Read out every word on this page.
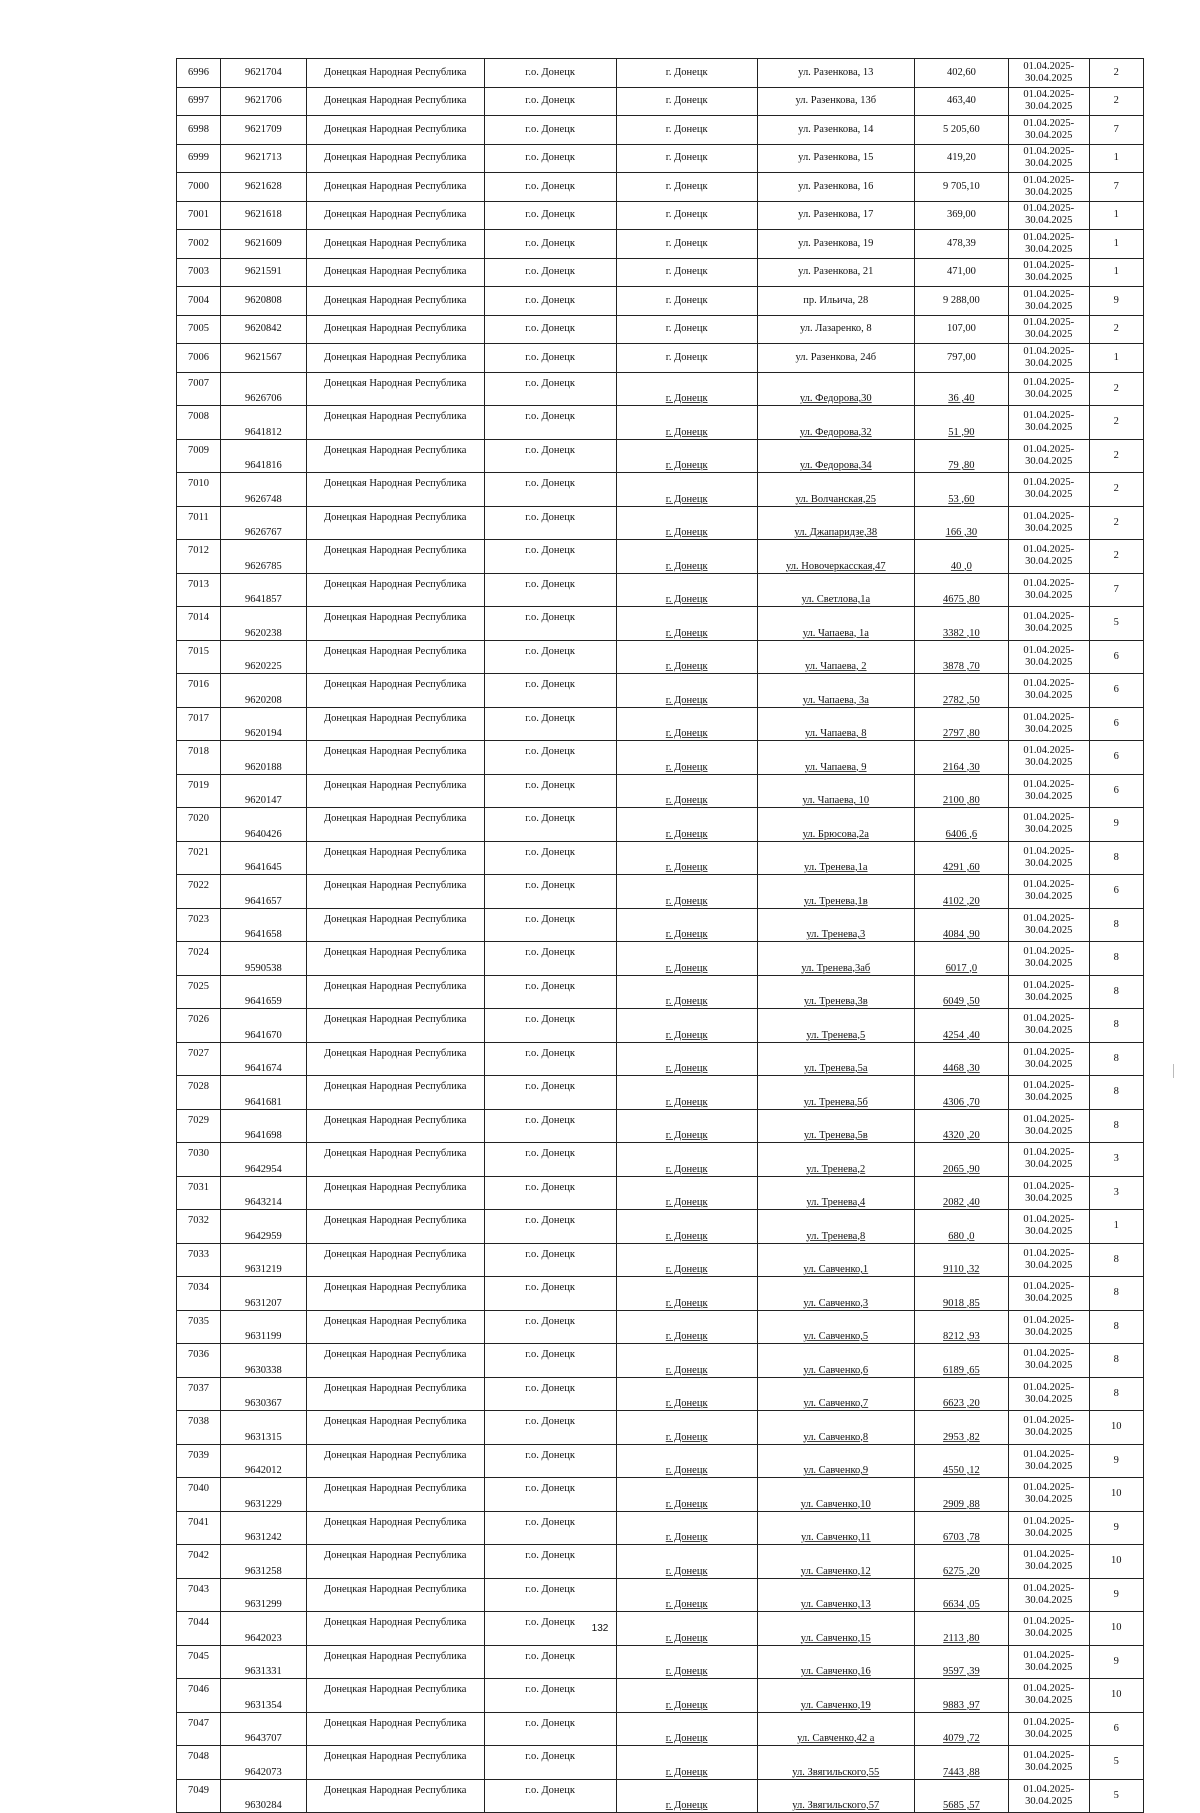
6996	9621704	Донецкая Народная Республика	г.о. Донецк	г. Донецк	ул. Разенкова, 13	402,60	01.04.2025-
30.04.2025	2
6997	9621706	Донецкая Народная Республика	г.о. Донецк	г. Донецк	ул. Разенкова, 13б	463,40	01.04.2025-
30.04.2025	2
6998	9621709	Донецкая Народная Республика	г.о. Донецк	г. Донецк	ул. Разенкова, 14	5 205,60	01.04.2025-
30.04.2025	7
6999	9621713	Донецкая Народная Республика	г.о. Донецк	г. Донецк	ул. Разенкова, 15	419,20	01.04.2025-
30.04.2025	1
7000	9621628	Донецкая Народная Республика	г.о. Донецк	г. Донецк	ул. Разенкова, 16	9 705,10	01.04.2025-
30.04.2025	7
7001	9621618	Донецкая Народная Республика	г.о. Донецк	г. Донецк	ул. Разенкова, 17	369,00	01.04.2025-
30.04.2025	1
7002	9621609	Донецкая Народная Республика	г.о. Донецк	г. Донецк	ул. Разенкова, 19	478,39	01.04.2025-
30.04.2025	1
7003	9621591	Донецкая Народная Республика	г.о. Донецк	г. Донецк	ул. Разенкова, 21	471,00	01.04.2025-
30.04.2025	1
7004	9620808	Донецкая Народная Республика	г.о. Донецк	г. Донецк	пр. Ильича, 28	9 288,00	01.04.2025-
30.04.2025	9
7005	9620842	Донецкая Народная Республика	г.о. Донецк	г. Донецк	ул. Лазаренко, 8	107,00	01.04.2025-
30.04.2025	2
7006	9621567	Донецкая Народная Республика	г.о. Донецк	г. Донецк	ул. Разенкова, 24б	797,00	01.04.2025-
30.04.2025	1
7007	9626706	Донецкая Народная Республика	г.о. Донецк	г. Донецк	ул. Федорова,30	36 ,40	01.04.2025-
30.04.2025	2
7008	9641812	Донецкая Народная Республика	г.о. Донецк	г. Донецк	ул. Федорова,32	51 ,90	01.04.2025-
30.04.2025	2
7009	9641816	Донецкая Народная Республика	г.о. Донецк	г. Донецк	ул. Федорова,34	79 ,80	01.04.2025-
30.04.2025	2
7010	9626748	Донецкая Народная Республика	г.о. Донецк	г. Донецк	ул. Волчанская,25	53 ,60	01.04.2025-
30.04.2025	2
7011	9626767	Донецкая Народная Республика	г.о. Донецк	г. Донецк	ул. Джапаридзе,38	166 ,30	01.04.2025-
30.04.2025	2
7012	9626785	Донецкая Народная Республика	г.о. Донецк	г. Донецк	ул. Новочеркасская,47	40 ,0	01.04.2025-
30.04.2025	2
7013	9641857	Донецкая Народная Республика	г.о. Донецк	г. Донецк	ул. Светлова,1а	4675 ,80	01.04.2025-
30.04.2025	7
7014	9620238	Донецкая Народная Республика	г.о. Донецк	г. Донецк	ул. Чапаева, 1а	3382 ,10	01.04.2025-
30.04.2025	5
7015	9620225	Донецкая Народная Республика	г.о. Донецк	г. Донецк	ул. Чапаева, 2	3878 ,70	01.04.2025-
30.04.2025	6
7016	9620208	Донецкая Народная Республика	г.о. Донецк	г. Донецк	ул. Чапаева, 3а	2782 ,50	01.04.2025-
30.04.2025	6
7017	9620194	Донецкая Народная Республика	г.о. Донецк	г. Донецк	ул. Чапаева, 8	2797 ,80	01.04.2025-
30.04.2025	6
7018	9620188	Донецкая Народная Республика	г.о. Донецк	г. Донецк	ул. Чапаева, 9	2164 ,30	01.04.2025-
30.04.2025	6
7019	9620147	Донецкая Народная Республика	г.о. Донецк	г. Донецк	ул. Чапаева, 10	2100 ,80	01.04.2025-
30.04.2025	6
7020	9640426	Донецкая Народная Республика	г.о. Донецк	г. Донецк	ул. Брюсова,2а	6406 ,6	01.04.2025-
30.04.2025	9
7021	9641645	Донецкая Народная Республика	г.о. Донецк	г. Донецк	ул. Тренева,1а	4291 ,60	01.04.2025-
30.04.2025	8
7022	9641657	Донецкая Народная Республика	г.о. Донецк	г. Донецк	ул. Тренева,1в	4102 ,20	01.04.2025-
30.04.2025	6
7023	9641658	Донецкая Народная Республика	г.о. Донецк	г. Донецк	ул. Тренева,3	4084 ,90	01.04.2025-
30.04.2025	8
7024	9590538	Донецкая Народная Республика	г.о. Донецк	г. Донецк	ул. Тренева,3аб	6017 ,0	01.04.2025-
30.04.2025	8
7025	9641659	Донецкая Народная Республика	г.о. Донецк	г. Донецк	ул. Тренева,3в	6049 ,50	01.04.2025-
30.04.2025	8
7026	9641670	Донецкая Народная Республика	г.о. Донецк	г. Донецк	ул. Тренева,5	4254 ,40	01.04.2025-
30.04.2025	8
7027	9641674	Донецкая Народная Республика	г.о. Донецк	г. Донецк	ул. Тренева,5а	4468 ,30	01.04.2025-
30.04.2025	8
7028	9641681	Донецкая Народная Республика	г.о. Донецк	г. Донецк	ул. Тренева,5б	4306 ,70	01.04.2025-
30.04.2025	8
7029	9641698	Донецкая Народная Республика	г.о. Донецк	г. Донецк	ул. Тренева,5в	4320 ,20	01.04.2025-
30.04.2025	8
7030	9642954	Донецкая Народная Республика	г.о. Донецк	г. Донецк	ул. Тренева,2	2065 ,90	01.04.2025-
30.04.2025	3
7031	9643214	Донецкая Народная Республика	г.о. Донецк	г. Донецк	ул. Тренева,4	2082 ,40	01.04.2025-
30.04.2025	3
7032	9642959	Донецкая Народная Республика	г.о. Донецк	г. Донецк	ул. Тренева,8	680 ,0	01.04.2025-
30.04.2025	1
7033	9631219	Донецкая Народная Республика	г.о. Донецк	г. Донецк	ул. Савченко,1	9110 ,32	01.04.2025-
30.04.2025	8
7034	9631207	Донецкая Народная Республика	г.о. Донецк	г. Донецк	ул. Савченко,3	9018 ,85	01.04.2025-
30.04.2025	8
7035	9631199	Донецкая Народная Республика	г.о. Донецк	г. Донецк	ул. Савченко,5	8212 ,93	01.04.2025-
30.04.2025	8
7036	9630338	Донецкая Народная Республика	г.о. Донецк	г. Донецк	ул. Савченко,6	6189 ,65	01.04.2025-
30.04.2025	8
7037	9630367	Донецкая Народная Республика	г.о. Донецк	г. Донецк	ул. Савченко,7	6623 ,20	01.04.2025-
30.04.2025	8
7038	9631315	Донецкая Народная Республика	г.о. Донецк	г. Донецк	ул. Савченко,8	2953 ,82	01.04.2025-
30.04.2025	10
7039	9642012	Донецкая Народная Республика	г.о. Донецк	г. Донецк	ул. Савченко,9	4550 ,12	01.04.2025-
30.04.2025	9
7040	9631229	Донецкая Народная Республика	г.о. Донецк	г. Донецк	ул. Савченко,10	2909 ,88	01.04.2025-
30.04.2025	10
7041	9631242	Донецкая Народная Республика	г.о. Донецк	г. Донецк	ул. Савченко,11	6703 ,78	01.04.2025-
30.04.2025	9
7042	9631258	Донецкая Народная Республика	г.о. Донецк	г. Донецк	ул. Савченко,12	6275 ,20	01.04.2025-
30.04.2025	10
7043	9631299	Донецкая Народная Республика	г.о. Донецк	г. Донецк	ул. Савченко,13	6634 ,05	01.04.2025-
30.04.2025	9
7044	9642023	Донецкая Народная Республика	г.о. Донецк	г. Донецк	ул. Савченко,15	2113 ,80	01.04.2025-
30.04.2025	10
7045	9631331	Донецкая Народная Республика	г.о. Донецк	г. Донецк	ул. Савченко,16	9597 ,39	01.04.2025-
30.04.2025	9
7046	9631354	Донецкая Народная Республика	г.о. Донецк	г. Донецк	ул. Савченко,19	9883 ,97	01.04.2025-
30.04.2025	10
7047	9643707	Донецкая Народная Республика	г.о. Донецк	г. Донецк	ул. Савченко,42 а	4079 ,72	01.04.2025-
30.04.2025	6
7048	9642073	Донецкая Народная Республика	г.о. Донецк	г. Донецк	ул. Звягильского,55	7443 ,88	01.04.2025-
30.04.2025	5
7049	9630284	Донецкая Народная Республика	г.о. Донецк	г. Донецк	ул. Звягильского,57	5685 ,57	01.04.2025-
30.04.2025	5
132
